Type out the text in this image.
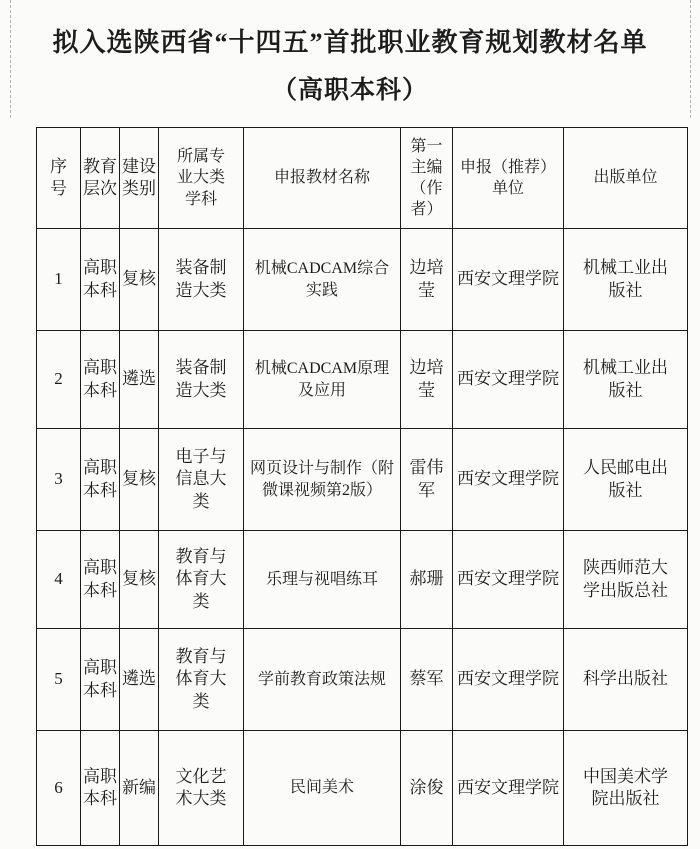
拟入选陕西省“十四五”首批职业教育规划教材名单
（高职本科）
序号	教育层次	建设类别	所属专业大类学科	申报教材名称	第一主编（作者）	申报（推荐）单位	出版单位
1	高职本科	复核	装备制造大类	机械CADCAM综合实践	边培莹	西安文理学院	机械工业出版社
2	高职本科	遴选	装备制造大类	机械CADCAM原理及应用	边培莹	西安文理学院	机械工业出版社
3	高职本科	复核	电子与信息大类	网页设计与制作（附微课视频第2版）	雷伟军	西安文理学院	人民邮电出版社
4	高职本科	复核	教育与体育大类	乐理与视唱练耳	郝珊	西安文理学院	陕西师范大学出版总社
5	高职本科	遴选	教育与体育大类	学前教育政策法规	蔡军	西安文理学院	科学出版社
6	高职本科	新编	文化艺术大类	民间美术	涂俊	西安文理学院	中国美术学院出版社
